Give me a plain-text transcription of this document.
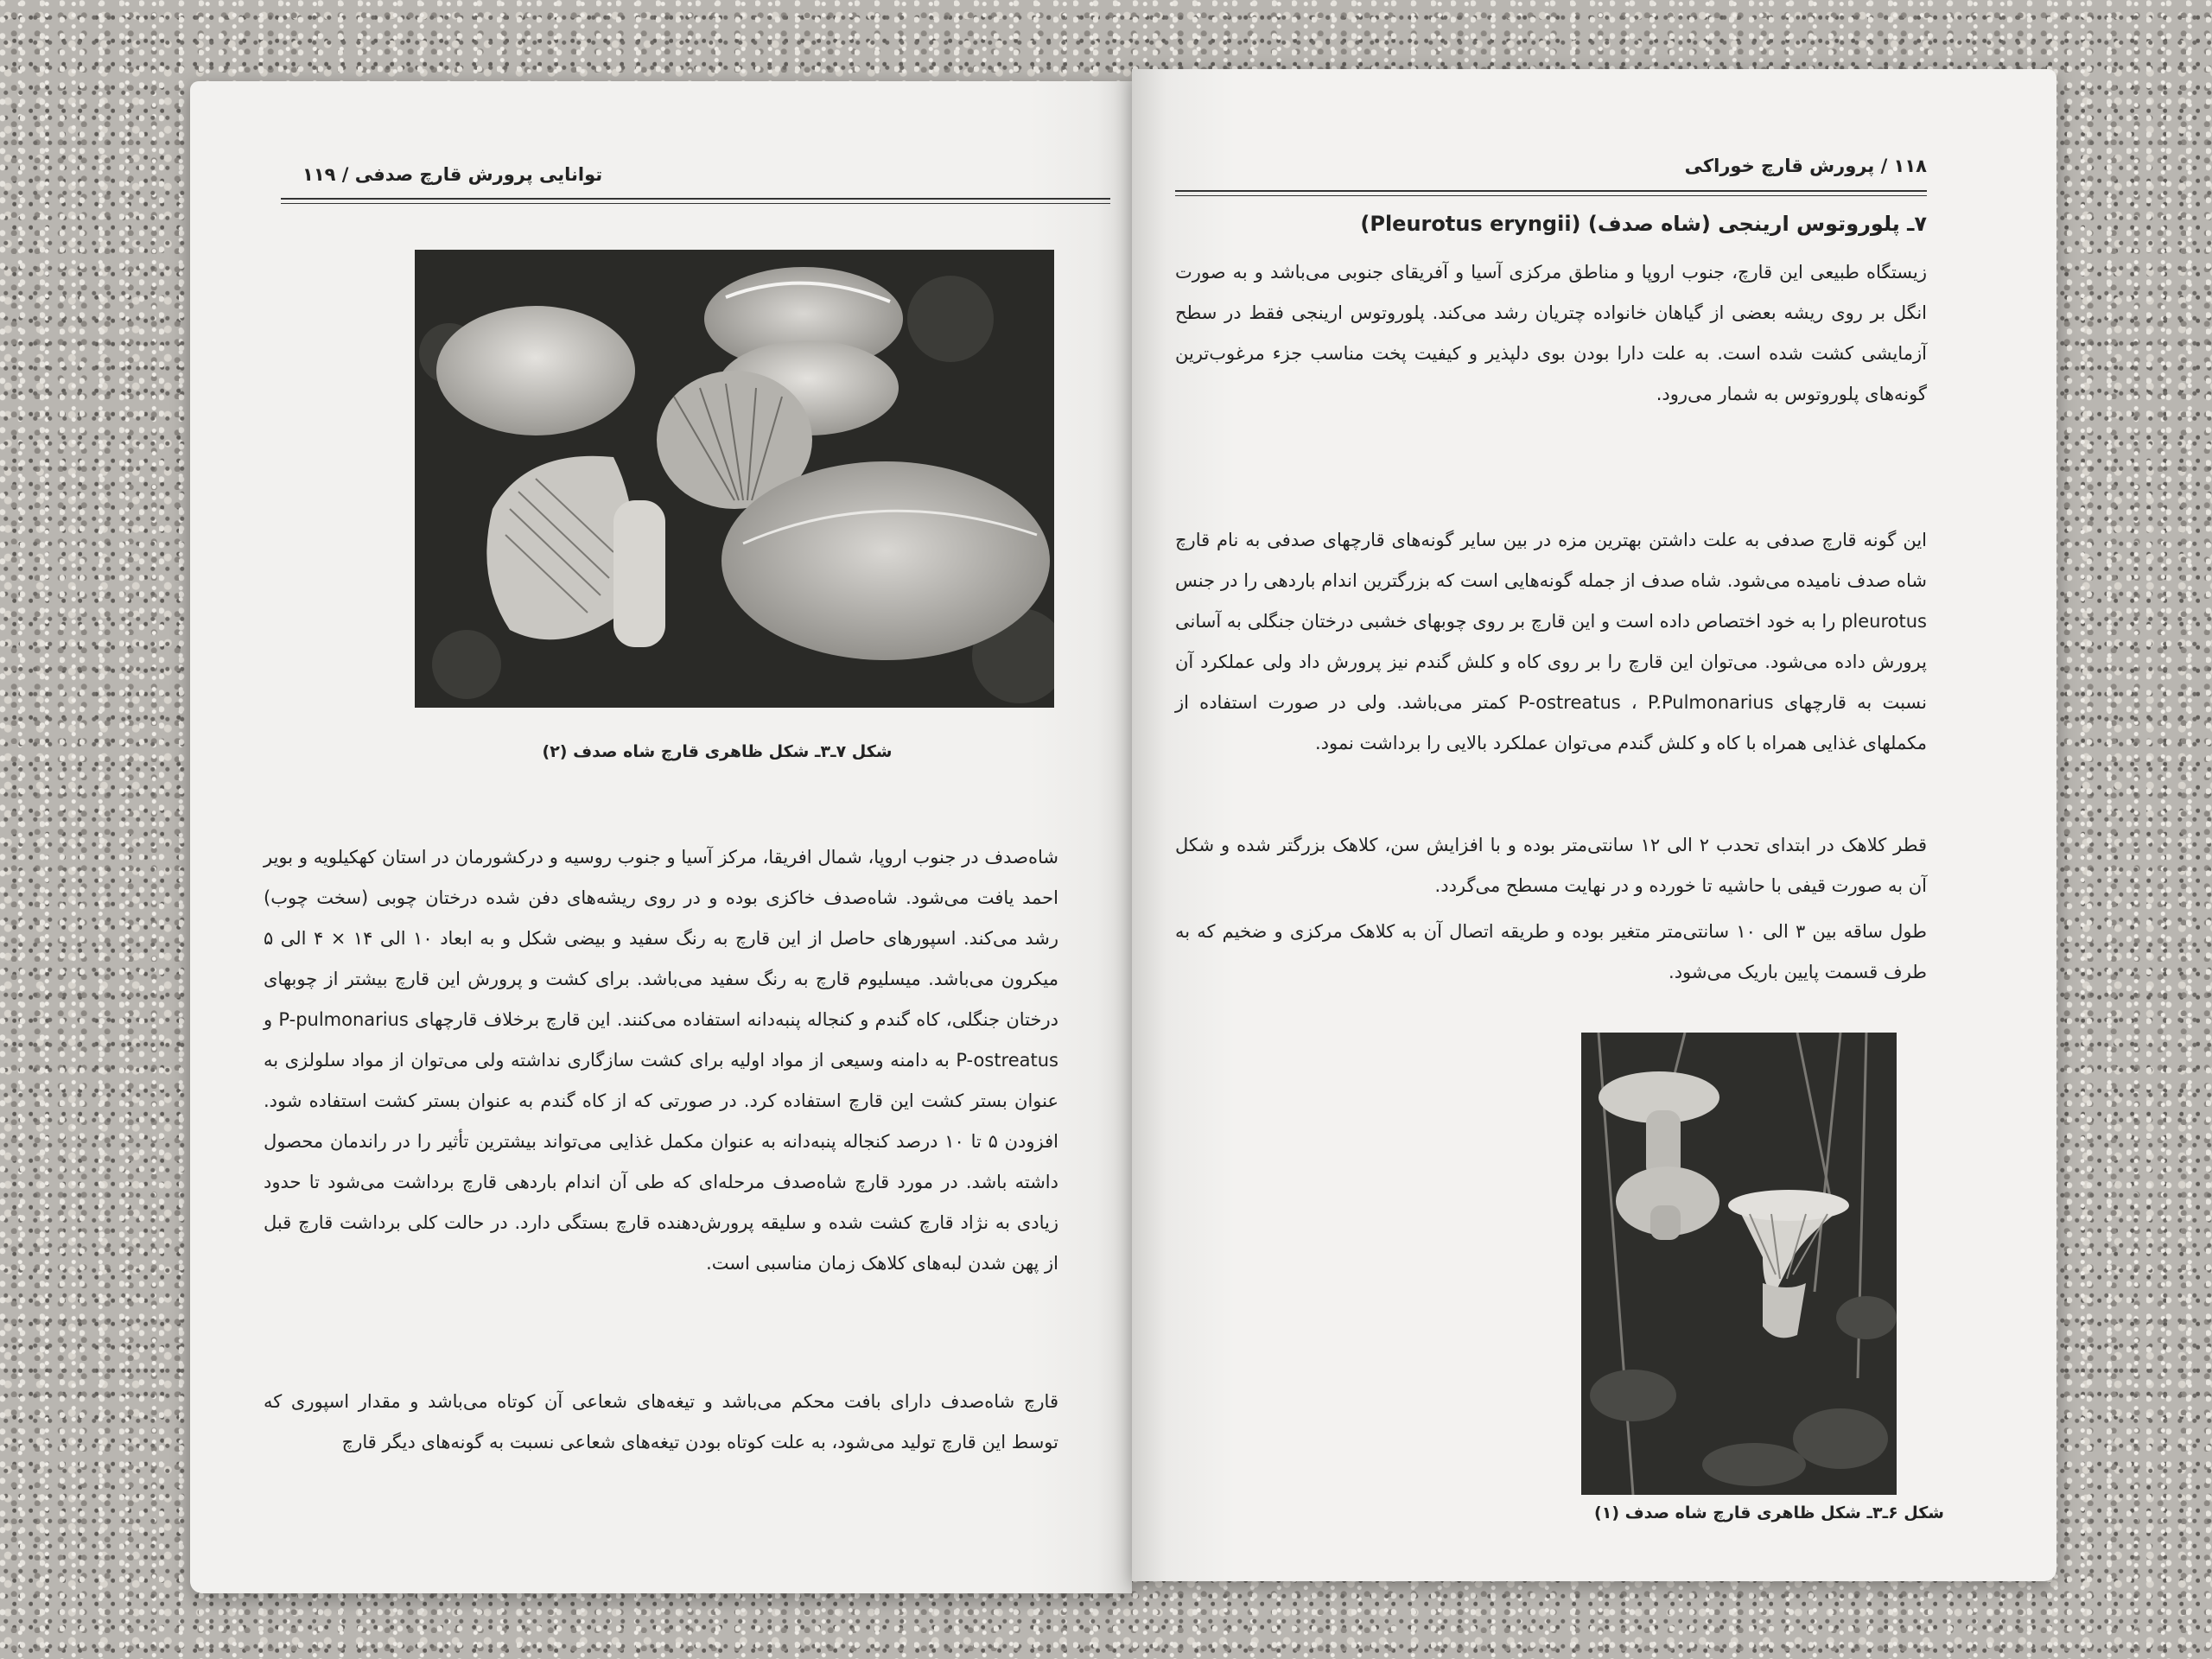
توانایی پرورش قارچ صدفی / ۱۱۹
شکل ۷ـ۳ـ شکل ظاهری قارچ شاه صدف (۲)
شاه‌صدف در جنوب اروپا، شمال افریقا، مرکز آسیا و جنوب روسیه و درکشورمان در استان کهکیلویه و بویر احمد یافت می‌شود. شاه‌صدف خاکزی بوده و در روی ریشه‌های دفن شده درختان چوبی (سخت چوب) رشد می‌کند. اسپورهای حاصل از این قارچ به رنگ سفید و بیضی شکل و به ابعاد ۱۰ الی ۱۴ × ۴ الی ۵ میکرون می‌باشد. میسلیوم قارچ به رنگ سفید می‌باشد. برای کشت و پرورش این قارچ بیشتر از چوبهای درختان جنگلی، کاه گندم و کنجاله پنبه‌دانه استفاده می‌کنند. این قارچ برخلاف قارچهای P-pulmonarius و P-ostreatus به دامنه وسیعی از مواد اولیه برای کشت سازگاری نداشته ولی می‌توان از مواد سلولزی به عنوان بستر کشت این قارچ استفاده کرد. در صورتی که از کاه گندم به عنوان بستر کشت استفاده شود. افزودن ۵ تا ۱۰ درصد کنجاله پنبه‌دانه به عنوان مکمل غذایی می‌تواند بیشترین تأثیر را در راندمان محصول داشته باشد. در مورد قارچ شاه‌صدف مرحله‌ای که طی آن اندام باردهی قارچ برداشت می‌شود تا حدود زیادی به نژاد قارچ کشت شده و سلیقه پرورش‌دهنده قارچ بستگی دارد. در حالت کلی برداشت قارچ قبل از پهن شدن لبه‌های کلاهک زمان مناسبی است.
قارچ شاه‌صدف دارای بافت محکم می‌باشد و تیغه‌های شعاعی آن کوتاه می‌باشد و مقدار اسپوری که توسط این قارچ تولید می‌شود، به علت کوتاه بودن تیغه‌های شعاعی نسبت به گونه‌های دیگر قارچ
۱۱۸ / پرورش قارچ خوراکی
۷ـ پلوروتوس ارینجی (شاه صدف) (Pleurotus eryngii)
زیستگاه طبیعی این قارچ، جنوب اروپا و مناطق مرکزی آسیا و آفریقای جنوبی می‌باشد و به صورت انگل بر روی ریشه بعضی از گیاهان خانواده چتریان رشد می‌کند. پلوروتوس ارینجی فقط در سطح آزمایشی کشت شده است. به علت دارا بودن بوی دلپذیر و کیفیت پخت مناسب جزء مرغوب‌ترین گونه‌های پلوروتوس به شمار می‌رود.
این گونه قارچ صدفی به علت داشتن بهترین مزه در بین سایر گونه‌های قارچهای صدفی به نام قارچ شاه صدف نامیده می‌شود. شاه صدف از جمله گونه‌هایی است که بزرگترین اندام باردهی را در جنس pleurotus را به خود اختصاص داده است و این قارچ بر روی چوبهای خشبی درختان جنگلی به آسانی پرورش داده می‌شود. می‌توان این قارچ را بر روی کاه و کلش گندم نیز پرورش داد ولی عملکرد آن نسبت به قارچهای P-ostreatus ، P.Pulmonarius کمتر می‌باشد. ولی در صورت استفاده از مکملهای غذایی همراه با کاه و کلش گندم می‌توان عملکرد بالایی را برداشت نمود.
قطر کلاهک در ابتدای تحدب ۲ الی ۱۲ سانتی‌متر بوده و با افزایش سن، کلاهک بزرگتر شده و شکل آن به صورت قیفی با حاشیه تا خورده و در نهایت مسطح می‌گردد.
طول ساقه بین ۳ الی ۱۰ سانتی‌متر متغیر بوده و طریقه اتصال آن به کلاهک مرکزی و ضخیم که به طرف قسمت پایین باریک می‌شود.
شکل ۶ـ۳ـ شکل ظاهری قارچ شاه صدف (۱)
